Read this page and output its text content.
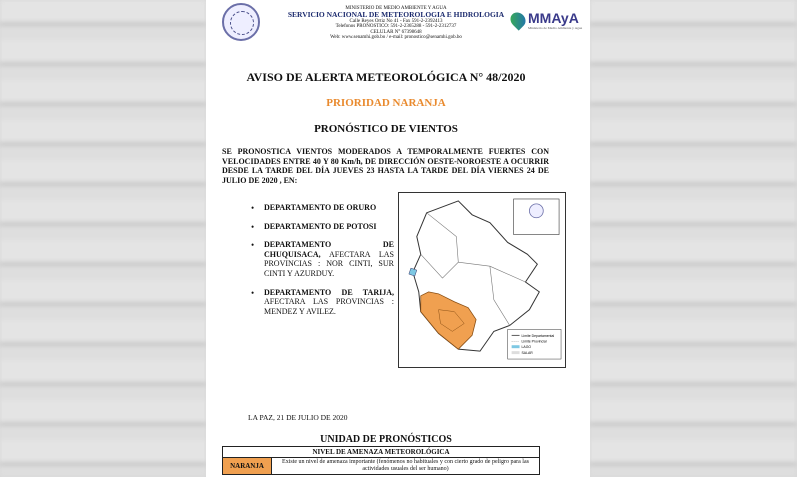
MINISTERIO DE MEDIO AMBIENTE Y AGUA
SERVICIO NACIONAL DE METEOROLOGIA E HIDROLOGIA
Calle Reyes Ortiz No 41 - Fax 591-2-2392413
Telefonos PRONOSTICO: 591-2-2365288 - 591-2-2312737
CELULAR N° 67398648
Web: www.senamhi.gob.bo / e-mail: pronostico@senamhi.gob.bo
MMAyA
Ministerio de Medio Ambiente y Agua
AVISO DE ALERTA METEOROLÓGICA N° 48/2020
PRIORIDAD NARANJA
PRONÓSTICO DE VIENTOS
SE PRONOSTICA VIENTOS MODERADOS A TEMPORALMENTE FUERTES CON VELOCIDADES ENTRE 40 Y 80 Km/h, DE DIRECCIÓN OESTE-NOROESTE A OCURRIR DESDE LA TARDE DEL DÍA JUEVES 23 HASTA LA TARDE DEL DÍA VIERNES 24 DE JULIO DE 2020 , EN:
• DEPARTAMENTO DE ORURO
• DEPARTAMENTO DE POTOSI
• DEPARTAMENTO DE CHUQUISACA, AFECTARA LAS PROVINCIAS : NOR CINTI, SUR CINTI Y AZURDUY.
• DEPARTAMENTO DE TARIJA, AFECTARA LAS PROVINCIAS : MENDEZ Y AVILEZ.
Limite Departamental
Limite Provincial
LAGO
SALAR
LA PAZ, 21 DE JULIO DE 2020
UNIDAD DE PRONÓSTICOS
NIVEL DE AMENAZA METEOROLÓGICA
NARANJA	Existe un nivel de amenaza importante (fenómenos no habituales y con cierto grado de peligro para las actividades usuales del ser humano)
